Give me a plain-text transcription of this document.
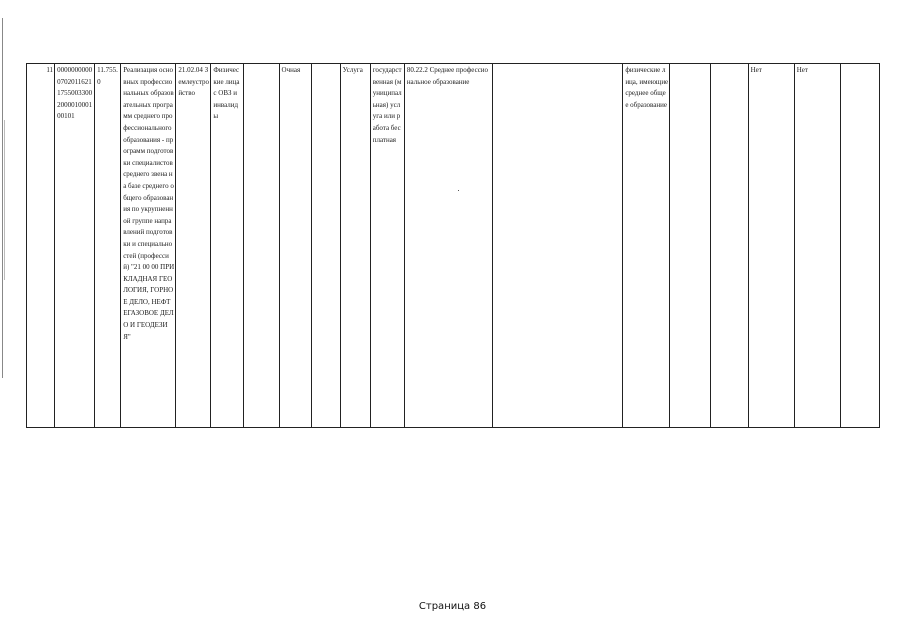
11	000000000007020116211755003300200001000100101	11.755.0	Реализация основных профессиональных образовательных программ среднего профессионального образования - программ подготовки специалистов среднего звена на базе среднего общего образования по укрупненной группе направлений подготовки и специальностей (профессий) "21 00 00 ПРИКЛАДНАЯ ГЕОЛОГИЯ, ГОРНОЕ ДЕЛО, НЕФТЕГАЗОВОЕ ДЕЛО И ГЕОДЕЗИЯ"	21.02.04 Землеустройство	Физические лица с ОВЗ и инвалиды		Очная		Услуга	государственная (муниципальная) услуга или работа бесплатная	80.22.2 Среднее профессиональное образование		физические лица, имеющие среднее общее образование			Нет	Нет	
Страница 86
